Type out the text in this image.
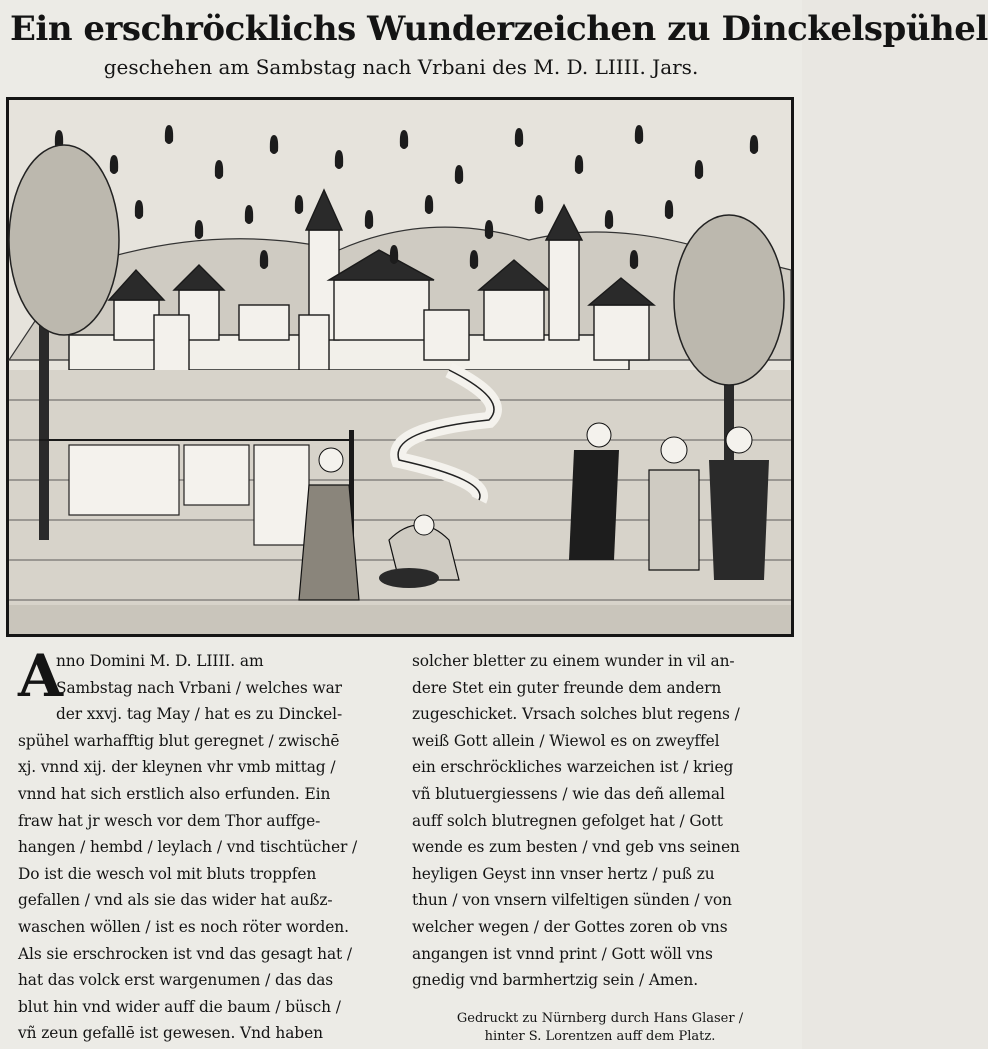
Ein erschröcklichs Wunderzeichen zu Dinckelspühel
geschehen am Sambstag nach Vrbani des M. D. LIIII. Jars.
A
nno Domini M. D. LIIII. am
Sambstag nach Vrbani / welches war
der xxvj. tag May / hat es zu Dinckel-
spühel warhafftig blut geregnet / zwischē
xj. vnnd xij. der kleynen vhr vmb mittag /
vnnd hat sich erstlich also erfunden. Ein
fraw hat jr wesch vor dem Thor auffge-
hangen / hembd / leylach / vnd tischtücher /
Do ist die wesch vol mit bluts troppfen
gefallen / vnd als sie das wider hat außz-
waschen wöllen / ist es noch röter worden.
Als sie erschrocken ist vnd das gesagt hat /
hat das volck erst wargenumen / das das
blut hin vnd wider auff die baum / büsch /
vñ zeun gefallē ist gewesen. Vnd haben
solcher bletter zu einem wunder in vil an-
dere Stet ein guter freunde dem andern
zugeschicket. Vrsach solches blut regens /
weiß Gott allein / Wiewol es on zweyffel
ein erschröckliches warzeichen ist / krieg
vñ blutuergiessens / wie das deñ allemal
auff solch blutregnen gefolget hat / Gott
wende es zum besten / vnd geb vns seinen
heyligen Geyst inn vnser hertz / puß zu
thun / von vnsern vilfeltigen sünden / von
welcher wegen / der Gottes zoren ob vns
angangen ist vnnd print / Gott wöll vns
gnedig vnd barmhertzig sein / Amen.
Gedruckt zu Nürnberg durch Hans Glaser /
hinter S. Lorentzen auff dem Platz.
